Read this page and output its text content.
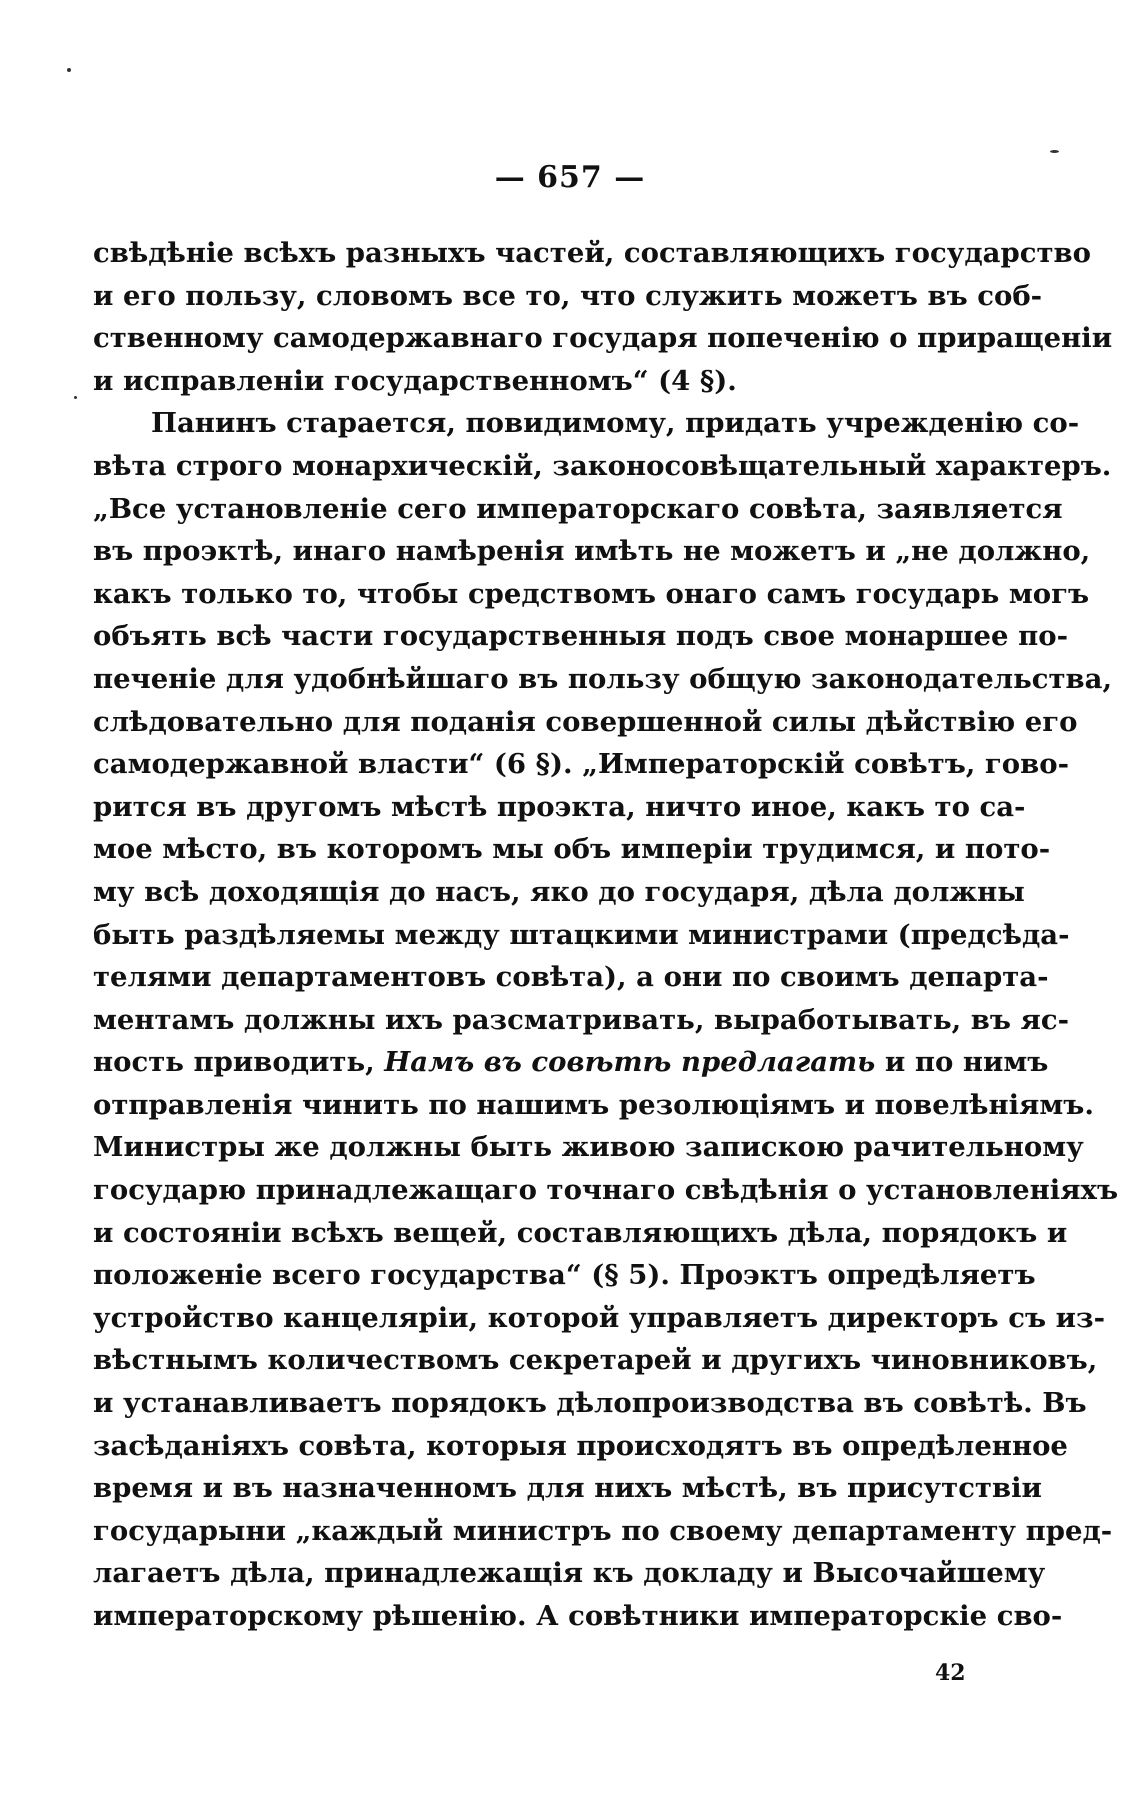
— 657 —
свѣдѣніе всѣхъ разныхъ частей, составляющихъ государство
и его пользу, словомъ все то, что служить можетъ въ соб-
ственному самодержавнаго государя попеченію о приращеніи
и исправленіи государственномъ“ (4 §).
Панинъ старается, повидимому, придать учрежденію со-
вѣта строго монархическій, законосовѣщательный характеръ.
„Все установленіе сего императорскаго совѣта, заявляется
въ проэктѣ, инаго намѣренія имѣть не можетъ и „не должно,
какъ только то, чтобы средствомъ онаго самъ государь могъ
объять всѣ части государственныя подъ свое монаршее по-
печеніе для удобнѣйшаго въ пользу общую законодательства,
слѣдовательно для поданія совершенной силы дѣйствію его
самодержавной власти“ (6 §). „Императорскій совѣтъ, гово-
рится въ другомъ мѣстѣ проэкта, ничто иное, какъ то са-
мое мѣсто, въ которомъ мы объ имперіи трудимся, и пото-
му всѣ доходящія до насъ, яко до государя, дѣла должны
быть раздѣляемы между штацкими министрами (предсѣда-
телями департаментовъ совѣта), а они по своимъ департа-
ментамъ должны ихъ разсматривать, выработывать, въ яс-
ность приводить, Намъ въ совѣтѣ предлагать и по нимъ
отправленія чинить по нашимъ резолюціямъ и повелѣніямъ.
Министры же должны быть живою запискою рачительному
государю принадлежащаго точнаго свѣдѣнія о установленіяхъ
и состояніи всѣхъ вещей, составляющихъ дѣла, порядокъ и
положеніе всего государства“ (§ 5). Проэктъ опредѣляетъ
устройство канцеляріи, которой управляетъ директоръ съ из-
вѣстнымъ количествомъ секретарей и другихъ чиновниковъ,
и устанавливаетъ порядокъ дѣлопроизводства въ совѣтѣ. Въ
засѣданіяхъ совѣта, которыя происходятъ въ опредѣленное
время и въ назначенномъ для нихъ мѣстѣ, въ присутствіи
государыни „каждый министръ по своему департаменту пред-
лагаетъ дѣла, принадлежащія къ докладу и Высочайшему
императорскому рѣшенію. А совѣтники императорскіе сво-
42
